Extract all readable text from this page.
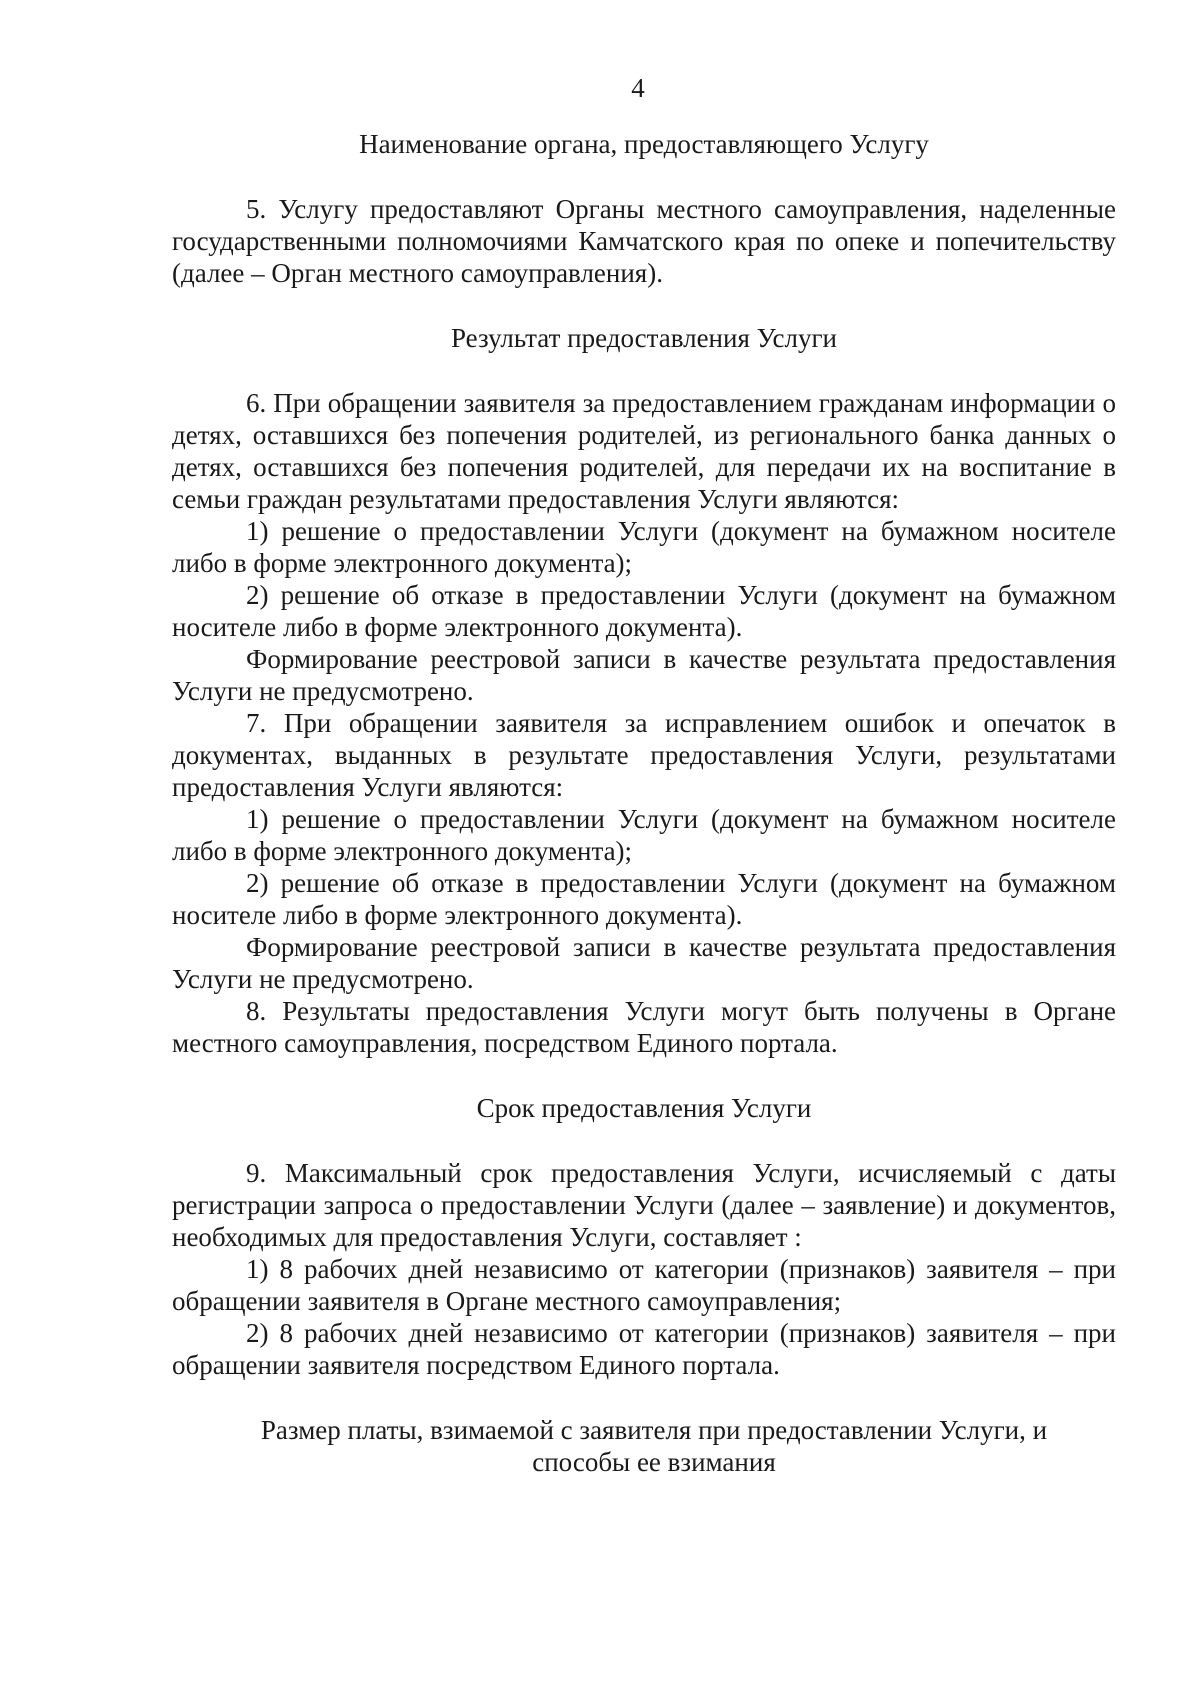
4

Наименование органа, предоставляющего Услугу

5. Услугу предоставляют Органы местного самоуправления, наделенные государственными полномочиями Камчатского края по опеке и попечительству (далее – Орган местного самоуправления).

Результат предоставления Услуги

6. При обращении заявителя за предоставлением гражданам информации о детях, оставшихся без попечения родителей, из регионального банка данных о детях, оставшихся без попечения родителей, для передачи их на воспитание в семьи граждан результатами предоставления Услуги являются:

1) решение о предоставлении Услуги (документ на бумажном носителе либо в форме электронного документа);

2) решение об отказе в предоставлении Услуги (документ на бумажном носителе либо в форме электронного документа).

Формирование реестровой записи в качестве результата предоставления Услуги не предусмотрено.

7. При обращении заявителя за исправлением ошибок и опечаток в документах, выданных в результате предоставления Услуги, результатами предоставления Услуги являются:

1) решение о предоставлении Услуги (документ на бумажном носителе либо в форме электронного документа);

2) решение об отказе в предоставлении Услуги (документ на бумажном носителе либо в форме электронного документа).

Формирование реестровой записи в качестве результата предоставления Услуги не предусмотрено.

8. Результаты предоставления Услуги могут быть получены в Органе местного самоуправления, посредством Единого портала.

Срок предоставления Услуги

9. Максимальный срок предоставления Услуги, исчисляемый с даты регистрации запроса о предоставлении Услуги (далее – заявление) и документов, необходимых для предоставления Услуги, составляет :

1) 8 рабочих дней независимо от категории (признаков) заявителя – при обращении заявителя в Органе местного самоуправления;

2) 8 рабочих дней независимо от категории (признаков) заявителя – при обращении заявителя посредством Единого портала.

Размер платы, взимаемой с заявителя при предоставлении Услуги, и способы ее взимания
